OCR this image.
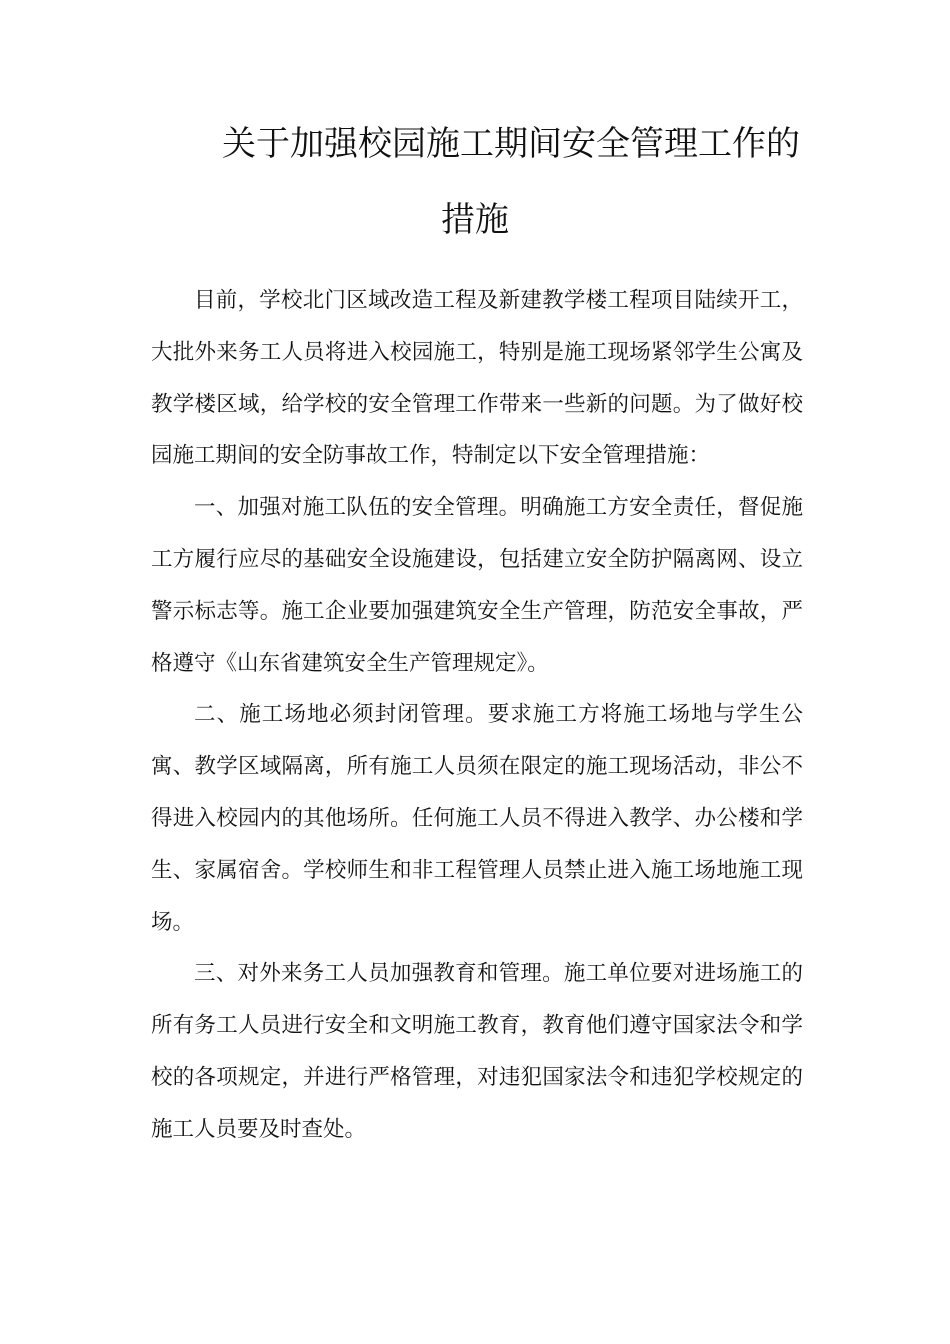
关于加强校园施工期间安全管理工作的
措施

目前，学校北门区域改造工程及新建教学楼工程项目陆续开工，大批外来务工人员将进入校园施工，特别是施工现场紧邻学生公寓及教学楼区域，给学校的安全管理工作带来一些新的问题。为了做好校园施工期间的安全防事故工作，特制定以下安全管理措施：

一、加强对施工队伍的安全管理。明确施工方安全责任，督促施工方履行应尽的基础安全设施建设，包括建立安全防护隔离网、设立警示标志等。施工企业要加强建筑安全生产管理，防范安全事故，严格遵守《山东省建筑安全生产管理规定》。

二、施工场地必须封闭管理。要求施工方将施工场地与学生公寓、教学区域隔离，所有施工人员须在限定的施工现场活动，非公不得进入校园内的其他场所。任何施工人员不得进入教学、办公楼和学生、家属宿舍。学校师生和非工程管理人员禁止进入施工场地施工现场。

三、对外来务工人员加强教育和管理。施工单位要对进场施工的所有务工人员进行安全和文明施工教育，教育他们遵守国家法令和学校的各项规定，并进行严格管理，对违犯国家法令和违犯学校规定的施工人员要及时查处。
